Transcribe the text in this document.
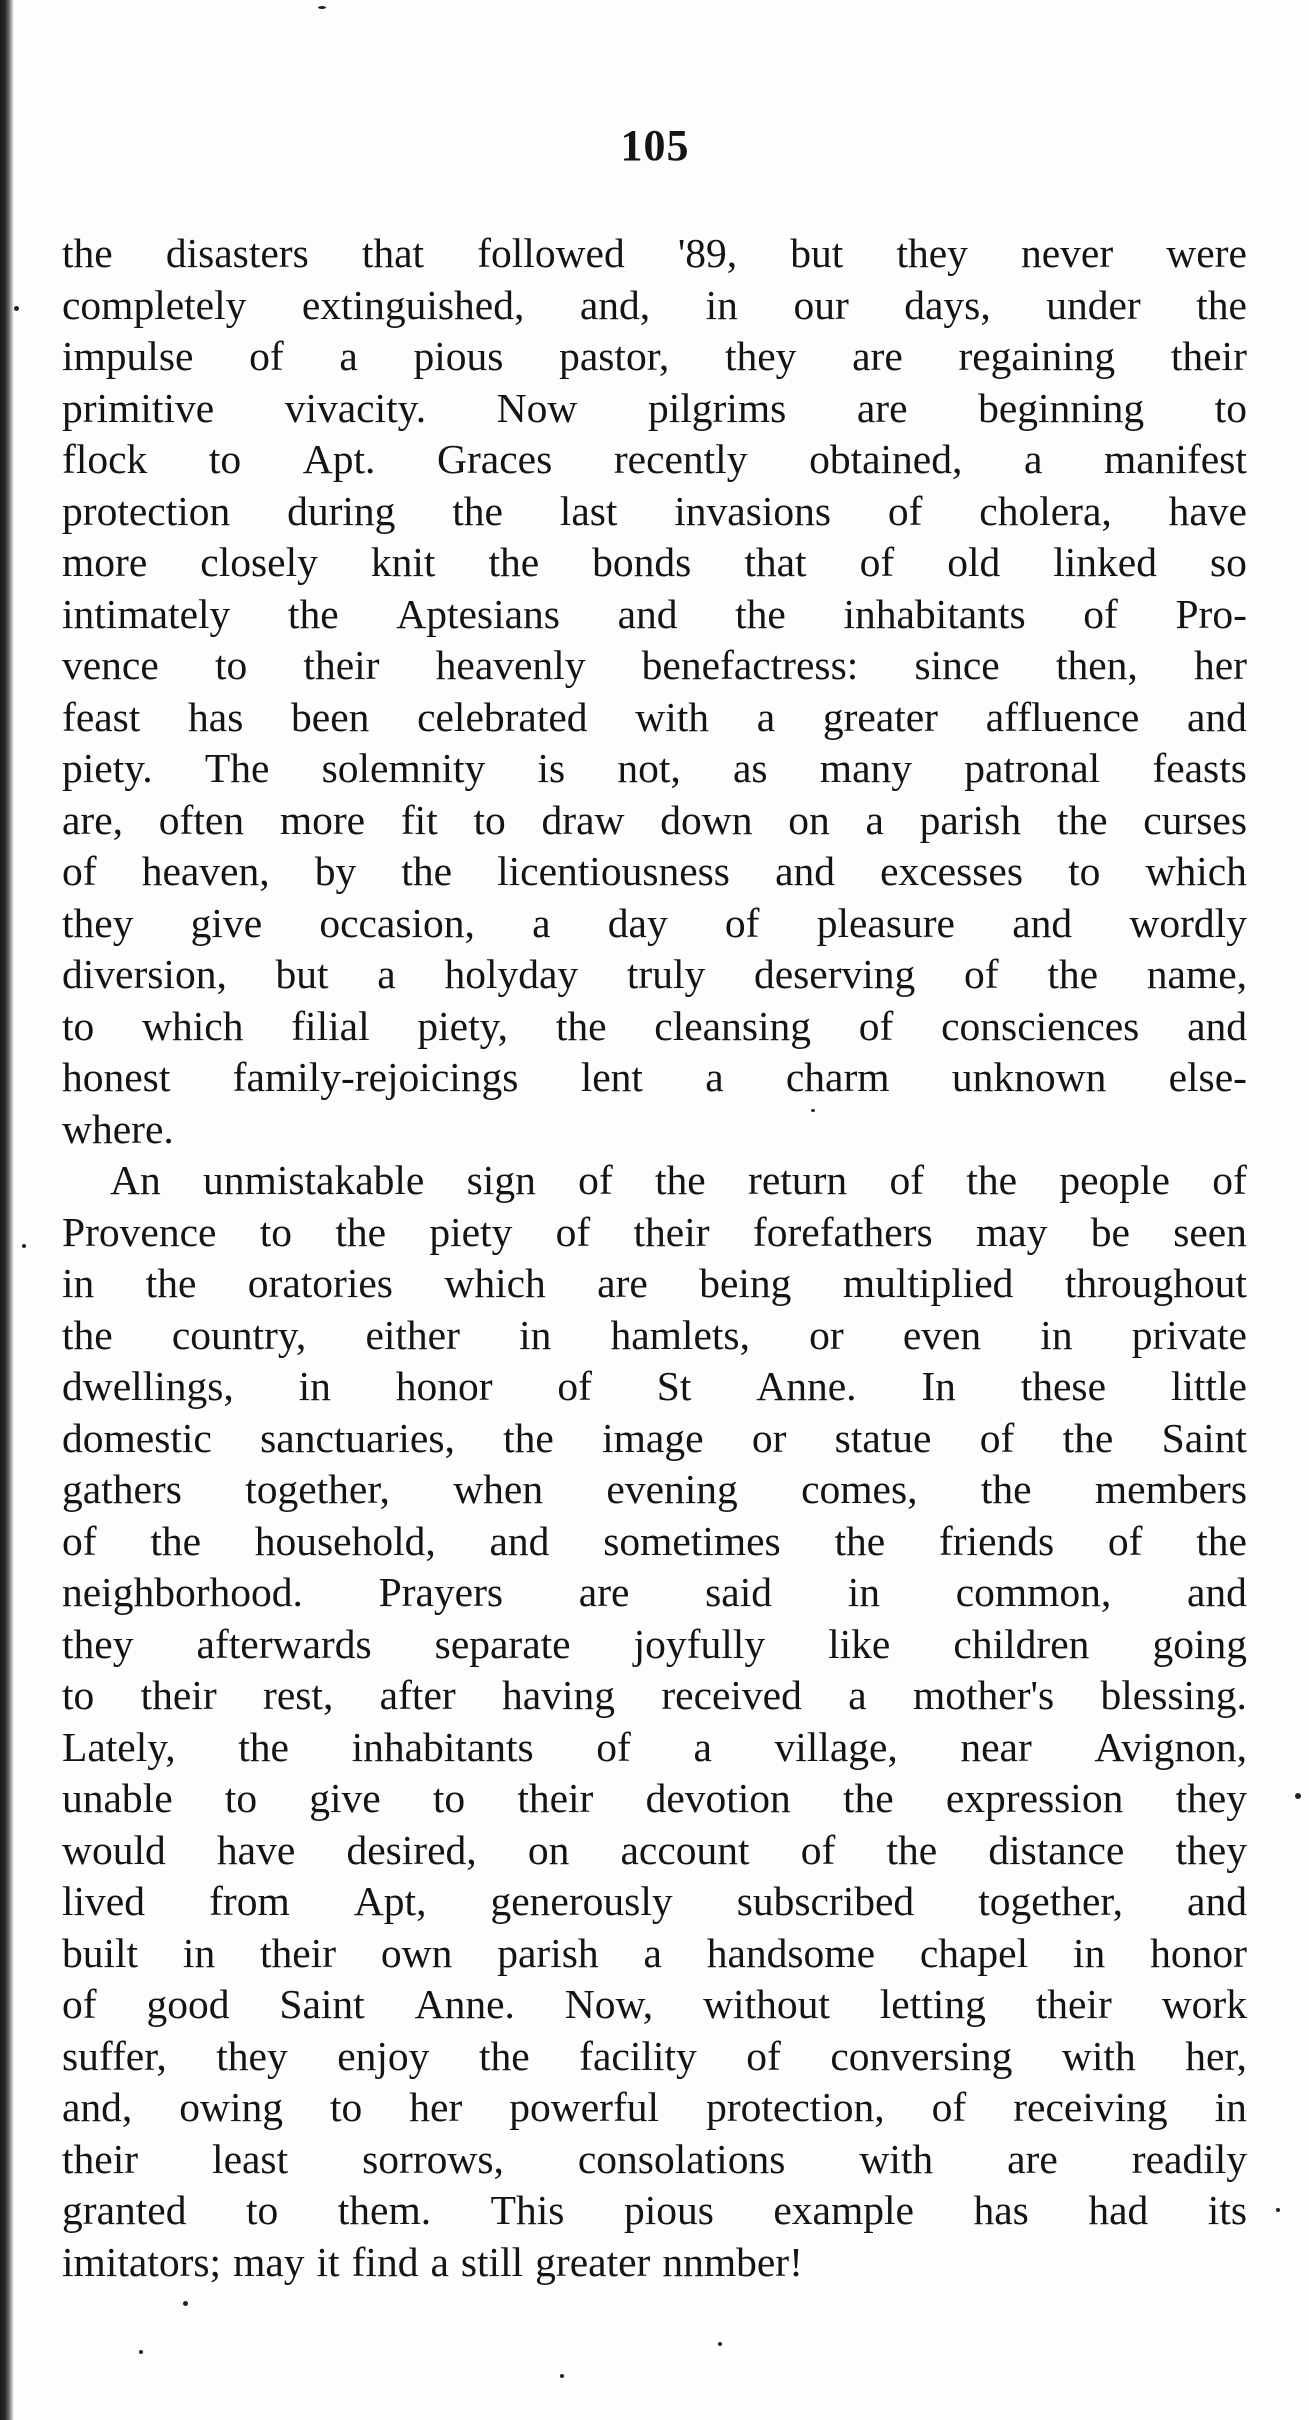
105
the disasters that followed '89, but they never were
completely extinguished, and, in our days, under the
impulse of a pious pastor, they are regaining their
primitive vivacity. Now pilgrims are beginning to
flock to Apt. Graces recently obtained, a manifest
protection during the last invasions of cholera, have
more closely knit the bonds that of old linked so
intimately the Aptesians and the inhabitants of Pro-
vence to their heavenly benefactress: since then, her
feast has been celebrated with a greater affluence and
piety. The solemnity is not, as many patronal feasts
are, often more fit to draw down on a parish the curses
of heaven, by the licentiousness and excesses to which
they give occasion, a day of pleasure and wordly
diversion, but a holyday truly deserving of the name,
to which filial piety, the cleansing of consciences and
honest family-rejoicings lent a charm unknown else-
where.
An unmistakable sign of the return of the people of
Provence to the piety of their forefathers may be seen
in the oratories which are being multiplied throughout
the country, either in hamlets, or even in private
dwellings, in honor of St Anne. In these little
domestic sanctuaries, the image or statue of the Saint
gathers together, when evening comes, the members
of the household, and sometimes the friends of the
neighborhood. Prayers are said in common, and
they afterwards separate joyfully like children going
to their rest, after having received a mother's blessing.
Lately, the inhabitants of a village, near Avignon,
unable to give to their devotion the expression they
would have desired, on account of the distance they
lived from Apt, generously subscribed together, and
built in their own parish a handsome chapel in honor
of good Saint Anne. Now, without letting their work
suffer, they enjoy the facility of conversing with her,
and, owing to her powerful protection, of receiving in
their least sorrows, consolations with are readily
granted to them. This pious example has had its
imitators; may it find a still greater nnmber!
